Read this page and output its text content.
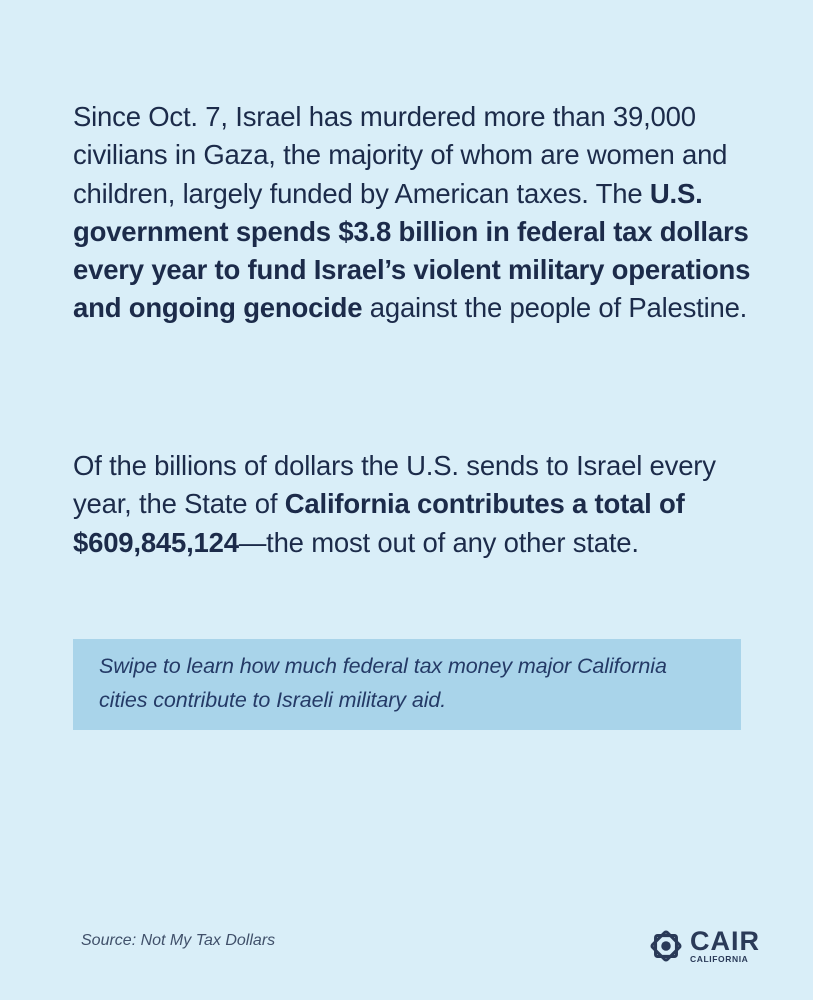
Since Oct. 7, Israel has murdered more than 39,000 civilians in Gaza, the majority of whom are women and children, largely funded by American taxes. The U.S. government spends $3.8 billion in federal tax dollars every year to fund Israel’s violent military operations and ongoing genocide against the people of Palestine.

Of the billions of dollars the U.S. sends to Israel every year, the State of California contributes a total of $609,845,124—the most out of any other state.

Swipe to learn how much federal tax money major California cities contribute to Israeli military aid.
Source: Not My Tax Dollars	CAIR
CALIFORNIA
